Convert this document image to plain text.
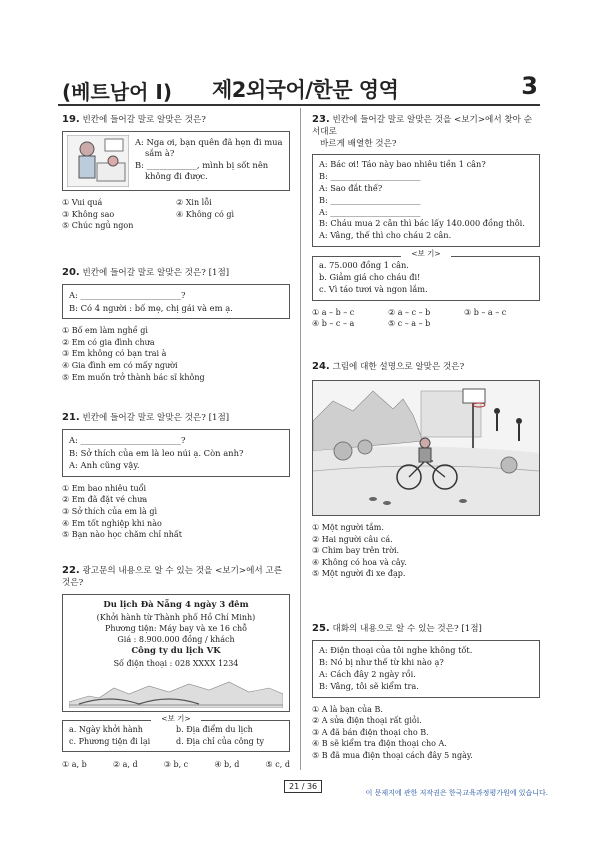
(베트남어 I) 제2외국어/한문 영역	3
19. 빈칸에 들어갈 말로 알맞은 것은?
A: Nga ơi, bạn quên đã hẹn đi mua
sắm à?
B: ____________, mình bị sốt nên
không đi được.
① Vui quá	② Xin lỗi
③ Không sao	④ Không có gì
⑤ Chúc ngủ ngon
20. 빈칸에 들어갈 말로 알맞은 것은? [1점]
A: ________________________?
B: Có 4 người : bố mẹ, chị gái và em ạ.
① Bố em làm nghề gì
② Em có gia đình chưa
③ Em không có bạn trai à
④ Gia đình em có mấy người
⑤ Em muốn trở thành bác sĩ không
21. 빈칸에 들어갈 말로 알맞은 것은? [1점]
A: ________________________?
B: Sở thích của em là leo núi ạ. Còn anh?
A: Anh cũng vậy.
① Em bao nhiêu tuổi
② Em đã đặt vé chưa
③ Sở thích của em là gì
④ Em tốt nghiệp khi nào
⑤ Bạn nào học chăm chỉ nhất
22. 광고문의 내용으로 알 수 있는 것을 <보기>에서 고른 것은?
Du lịch Đà Nẵng 4 ngày 3 đêm
(Khởi hành từ Thành phố Hồ Chí Minh)
Phương tiện: Máy bay và xe 16 chỗ
Giá : 8.900.000 đồng / khách
Công ty du lịch VK
Số điện thoại : 028 XXXX 1234
<보 기>
a. Ngày khởi hành	b. Địa điểm du lịch
c. Phương tiện đi lại	d. Địa chỉ của công ty
① a, b	② a, d	③ b, c	④ b, d	⑤ c, d
23. 빈칸에 들어갈 말로 알맞은 것을 <보기>에서 찾아 순서대로
바르게 배열한 것은?
A: Bác ơi! Táo này bao nhiêu tiền 1 cân?
B: ______________________
A: Sao đắt thế?
B: ______________________
A: ______________________
B: Cháu mua 2 cân thì bác lấy 140.000 đồng thôi.
A: Vâng, thế thì cho cháu 2 cân.
<보 기>
a. 75.000 đồng 1 cân.
b. Giảm giá cho cháu đi!
c. Vì táo tươi và ngon lắm.
① a – b – c	② a – c – b	③ b – a – c
④ b – c – a	⑤ c – a – b
24. 그림에 대한 설명으로 알맞은 것은?
① Một người tắm.
② Hai người câu cá.
③ Chim bay trên trời.
④ Không có hoa và cây.
⑤ Một người đi xe đạp.
25. 대화의 내용으로 알 수 있는 것은? [1점]
A: Điện thoại của tôi nghe không tốt.
B: Nó bị như thế từ khi nào ạ?
A: Cách đây 2 ngày rồi.
B: Vâng, tôi sẽ kiểm tra.
① A là bạn của B.
② A sửa điện thoại rất giỏi.
③ A đã bán điện thoại cho B.
④ B sẽ kiểm tra điện thoại cho A.
⑤ B đã mua điện thoại cách đây 5 ngày.
21 / 36
이 문제지에 관한 저작권은 한국교육과정평가원에 있습니다.
